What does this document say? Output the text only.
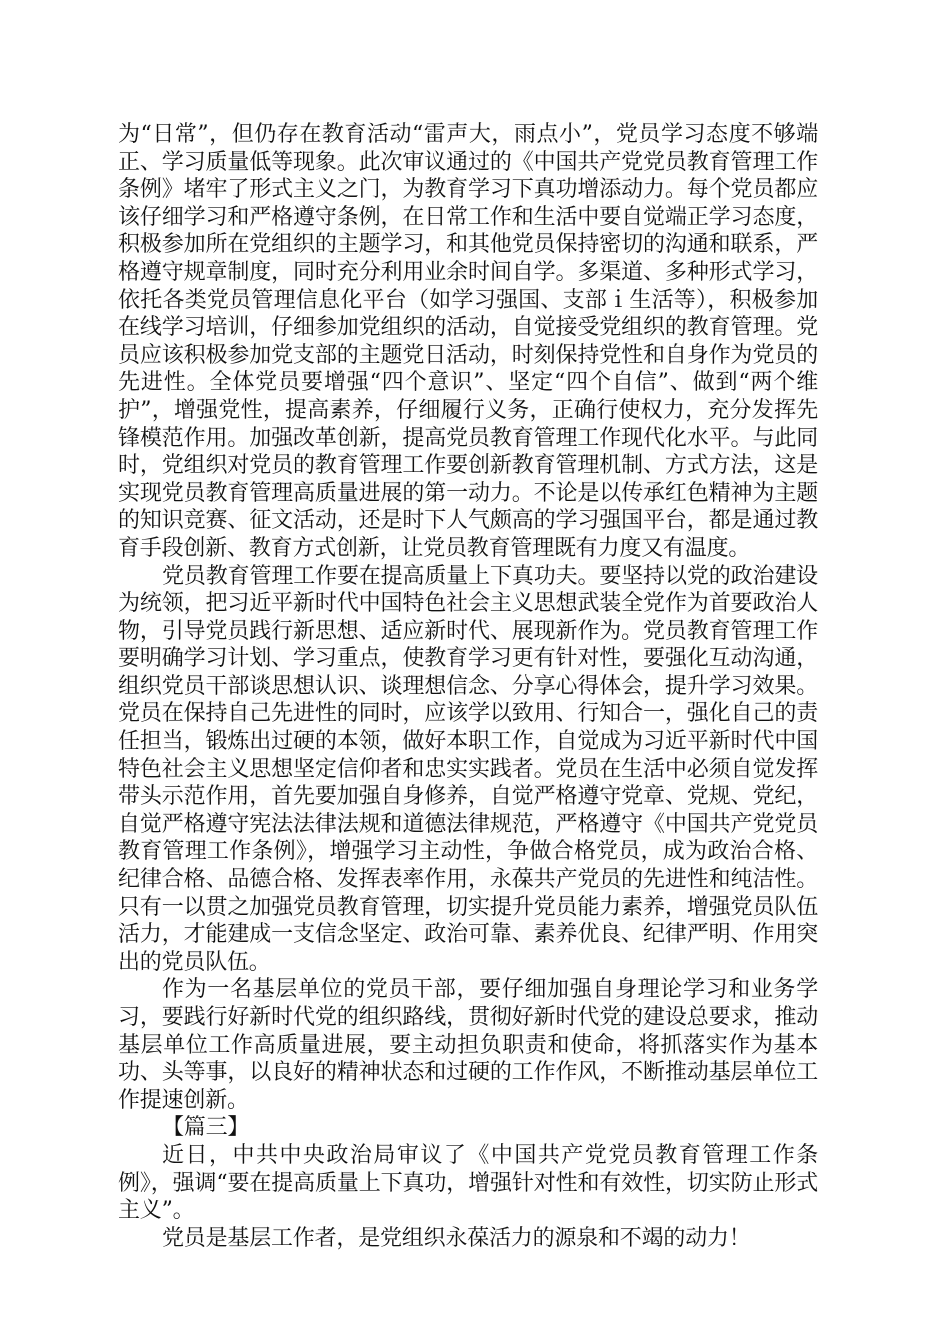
为“日常”，但仍存在教育活动“雷声大，雨点小”，党员学习态度不够端正、学习质量低等现象。此次审议通过的《中国共产党党员教育管理工作条例》堵牢了形式主义之门，为教育学习下真功增添动力。每个党员都应该仔细学习和严格遵守条例，在日常工作和生活中要自觉端正学习态度，积极参加所在党组织的主题学习，和其他党员保持密切的沟通和联系，严格遵守规章制度，同时充分利用业余时间自学。多渠道、多种形式学习，依托各类党员管理信息化平台（如学习强国、支部ｉ生活等），积极参加在线学习培训，仔细参加党组织的活动，自觉接受党组织的教育管理。党员应该积极参加党支部的主题党日活动，时刻保持党性和自身作为党员的先进性。全体党员要增强“四个意识”、坚定“四个自信”、做到“两个维护”，增强党性，提高素养，仔细履行义务，正确行使权力，充分发挥先锋模范作用。加强改革创新，提高党员教育管理工作现代化水平。与此同时，党组织对党员的教育管理工作要创新教育管理机制、方式方法，这是实现党员教育管理高质量进展的第一动力。不论是以传承红色精神为主题的知识竞赛、征文活动，还是时下人气颇高的学习强国平台，都是通过教育手段创新、教育方式创新，让党员教育管理既有力度又有温度。

党员教育管理工作要在提高质量上下真功夫。要坚持以党的政治建设为统领，把习近平新时代中国特色社会主义思想武装全党作为首要政治人物，引导党员践行新思想、适应新时代、展现新作为。党员教育管理工作要明确学习计划、学习重点，使教育学习更有针对性，要强化互动沟通，组织党员干部谈思想认识、谈理想信念、分享心得体会，提升学习效果。党员在保持自己先进性的同时，应该学以致用、行知合一，强化自己的责任担当，锻炼出过硬的本领，做好本职工作，自觉成为习近平新时代中国特色社会主义思想坚定信仰者和忠实实践者。党员在生活中必须自觉发挥带头示范作用，首先要加强自身修养，自觉严格遵守党章、党规、党纪，自觉严格遵守宪法法律法规和道德法律规范，严格遵守《中国共产党党员教育管理工作条例》，增强学习主动性，争做合格党员，成为政治合格、纪律合格、品德合格、发挥表率作用，永葆共产党员的先进性和纯洁性。只有一以贯之加强党员教育管理，切实提升党员能力素养，增强党员队伍活力，才能建成一支信念坚定、政治可靠、素养优良、纪律严明、作用突出的党员队伍。

作为一名基层单位的党员干部，要仔细加强自身理论学习和业务学习，要践行好新时代党的组织路线，贯彻好新时代党的建设总要求，推动基层单位工作高质量进展，要主动担负职责和使命，将抓落实作为基本功、头等事，以良好的精神状态和过硬的工作作风，不断推动基层单位工作提速创新。

【篇三】

近日，中共中央政治局审议了《中国共产党党员教育管理工作条例》，强调“要在提高质量上下真功，增强针对性和有效性，切实防止形式主义”。

党员是基层工作者，是党组织永葆活力的源泉和不竭的动力！
